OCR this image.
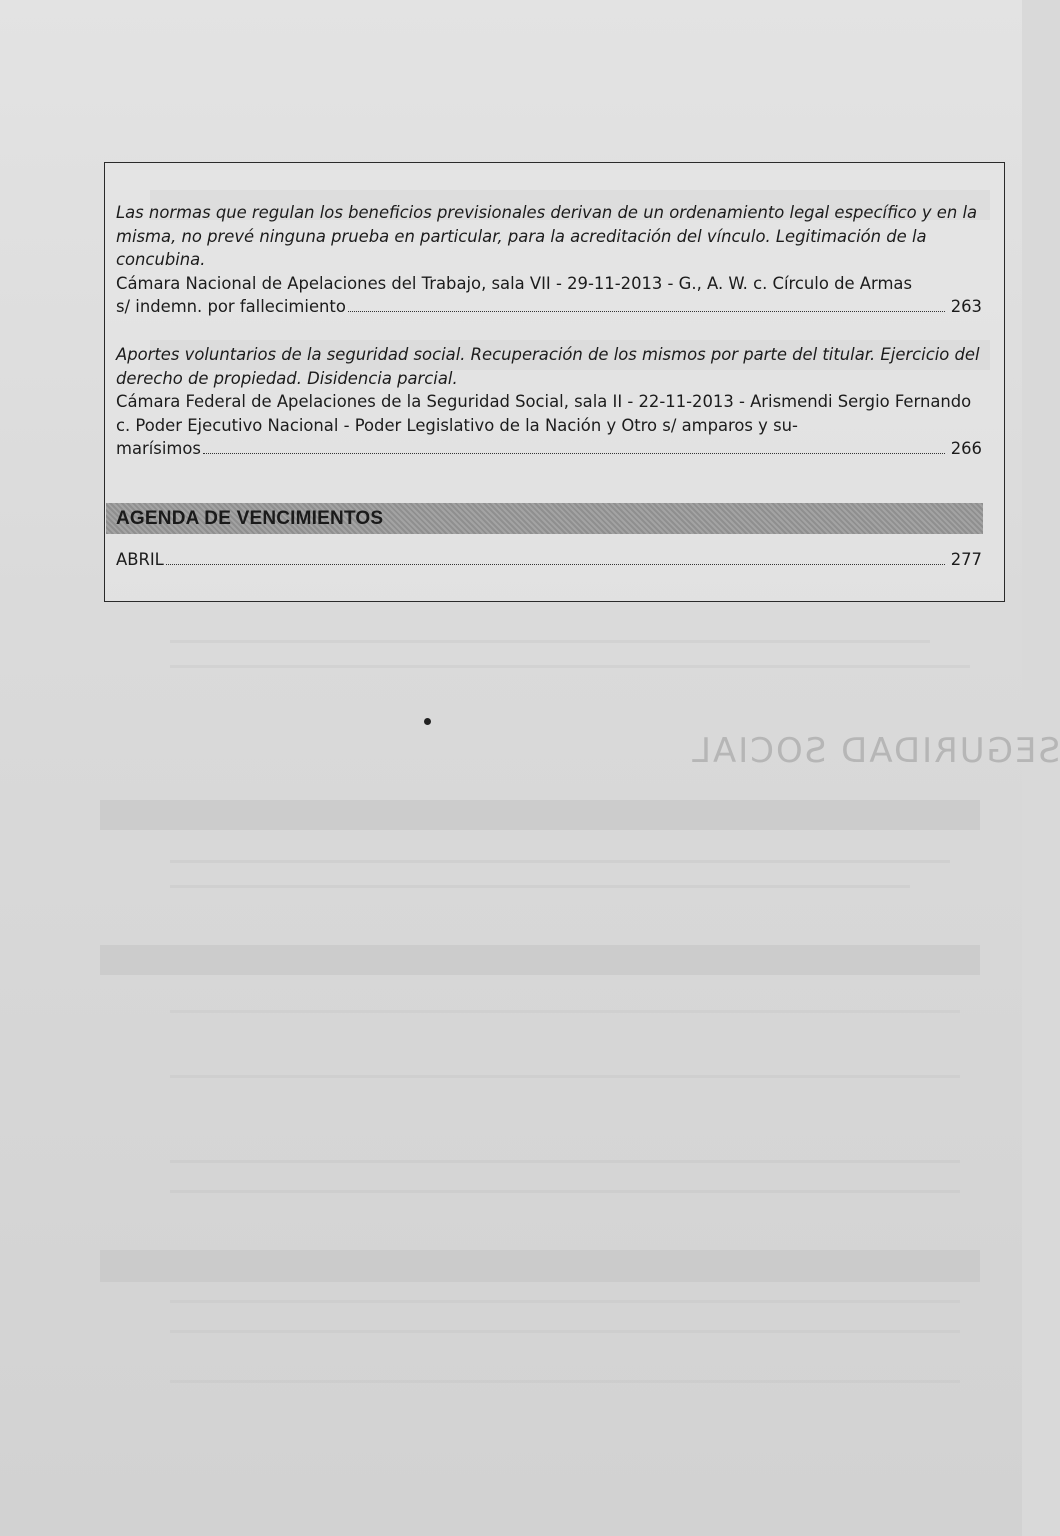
SEGURIDAD SOCIAL

Las normas que regulan los beneficios previsionales derivan de un ordenamiento legal específico y en la misma, no prevé ninguna prueba en particular, para la acreditación del vínculo. Legitimación de la concubina.

Cámara Nacional de Apelaciones del Trabajo, sala VII - 29-11-2013 - G., A. W. c. Círculo de Armas

s/ indemn. por fallecimiento	263

Aportes voluntarios de la seguridad social. Recuperación de los mismos por parte del titular. Ejercicio del derecho de propiedad. Disidencia parcial.

Cámara Federal de Apelaciones de la Seguridad Social, sala II - 22-11-2013 - Arismendi Sergio Fernando c. Poder Ejecutivo Nacional - Poder Legislativo de la Nación y Otro s/ amparos y su-

marísimos	266
AGENDA DE VENCIMIENTOS
ABRIL	277
